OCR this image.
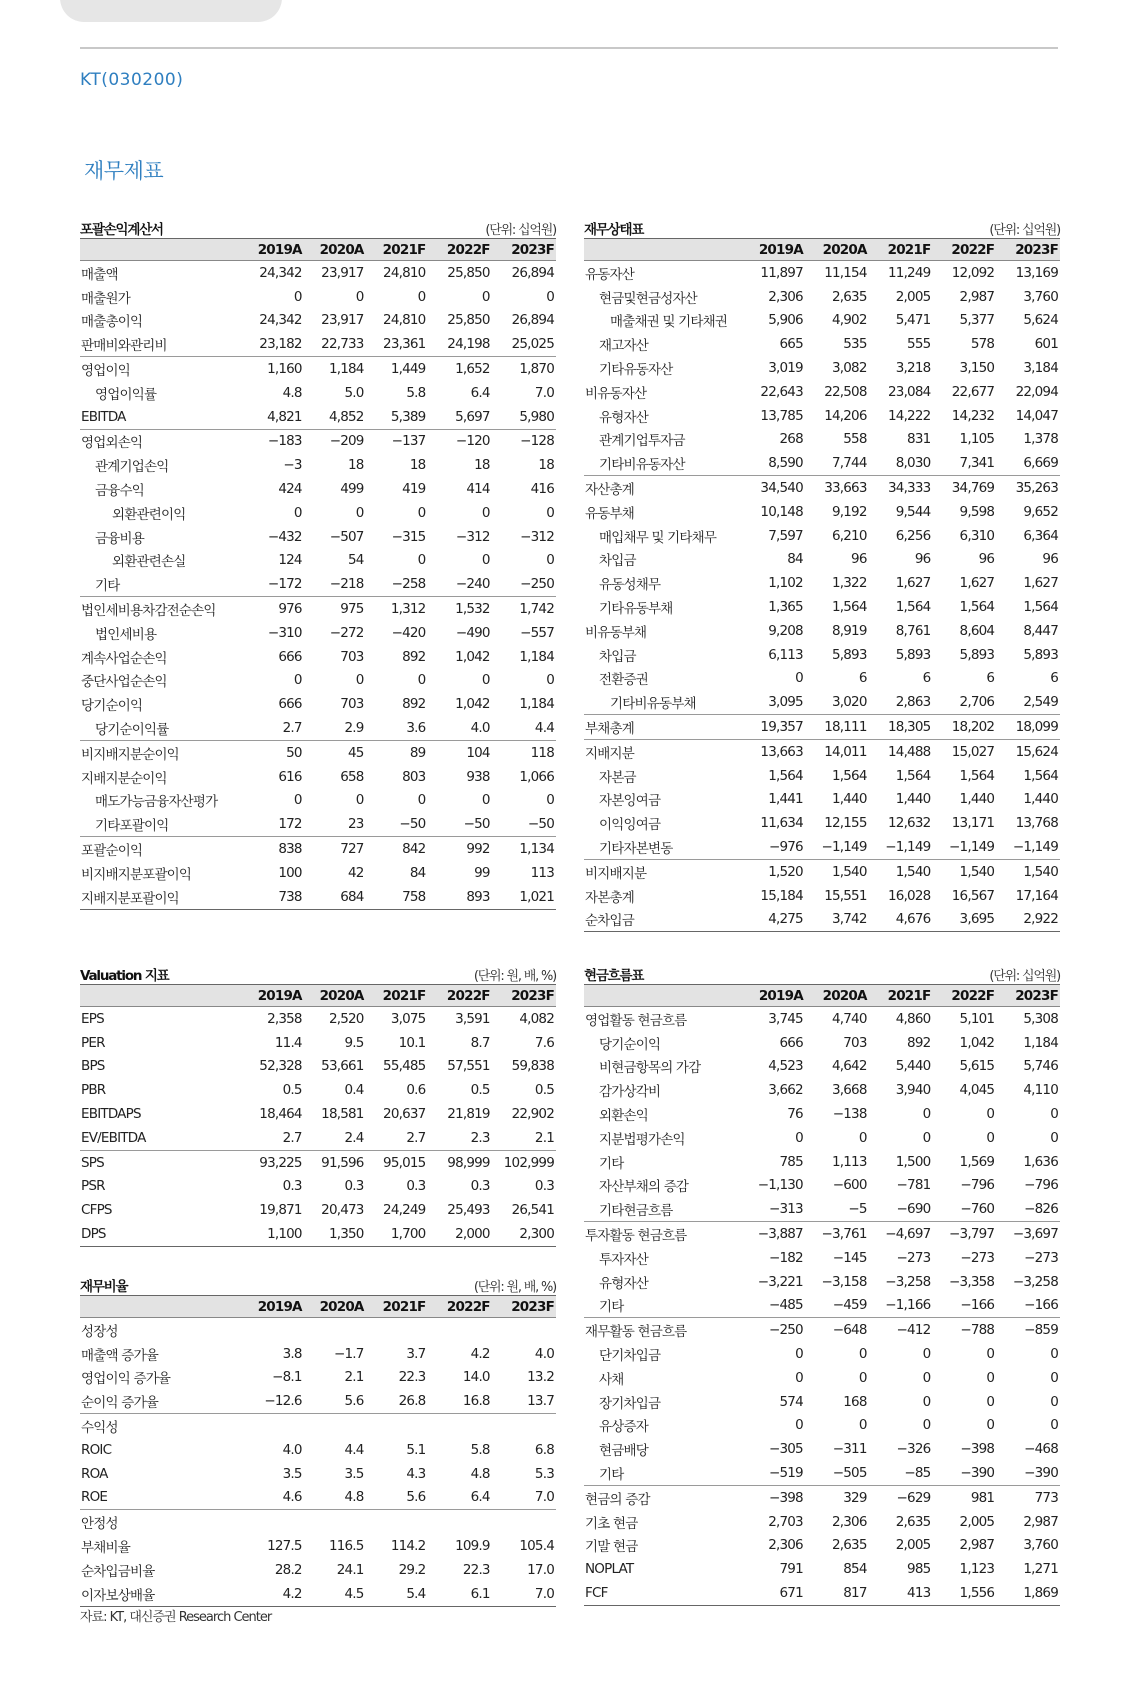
KT(030200)
재무제표
포괄손익계산서	(단위: 십억원)
	2019A	2020A	2021F	2022F	2023F
매출액	24,342	23,917	24,810	25,850	26,894
매출원가	0	0	0	0	0
매출총이익	24,342	23,917	24,810	25,850	26,894
판매비와관리비	23,182	22,733	23,361	24,198	25,025
영업이익	1,160	1,184	1,449	1,652	1,870
영업이익률	4.8	5.0	5.8	6.4	7.0
EBITDA	4,821	4,852	5,389	5,697	5,980
영업외손익	−183	−209	−137	−120	−128
관계기업손익	−3	18	18	18	18
금융수익	424	499	419	414	416
외환관련이익	0	0	0	0	0
금융비용	−432	−507	−315	−312	−312
외환관련손실	124	54	0	0	0
기타	−172	−218	−258	−240	−250
법인세비용차감전순손익	976	975	1,312	1,532	1,742
법인세비용	−310	−272	−420	−490	−557
계속사업순손익	666	703	892	1,042	1,184
중단사업순손익	0	0	0	0	0
당기순이익	666	703	892	1,042	1,184
당기순이익률	2.7	2.9	3.6	4.0	4.4
비지배지분순이익	50	45	89	104	118
지배지분순이익	616	658	803	938	1,066
매도가능금융자산평가	0	0	0	0	0
기타포괄이익	172	23	−50	−50	−50
포괄순이익	838	727	842	992	1,134
비지배지분포괄이익	100	42	84	99	113
지배지분포괄이익	738	684	758	893	1,021
재무상태표	(단위: 십억원)
	2019A	2020A	2021F	2022F	2023F
유동자산	11,897	11,154	11,249	12,092	13,169
현금및현금성자산	2,306	2,635	2,005	2,987	3,760
매출채권 및 기타채권	5,906	4,902	5,471	5,377	5,624
재고자산	665	535	555	578	601
기타유동자산	3,019	3,082	3,218	3,150	3,184
비유동자산	22,643	22,508	23,084	22,677	22,094
유형자산	13,785	14,206	14,222	14,232	14,047
관계기업투자금	268	558	831	1,105	1,378
기타비유동자산	8,590	7,744	8,030	7,341	6,669
자산총계	34,540	33,663	34,333	34,769	35,263
유동부채	10,148	9,192	9,544	9,598	9,652
매입채무 및 기타채무	7,597	6,210	6,256	6,310	6,364
차입금	84	96	96	96	96
유동성채무	1,102	1,322	1,627	1,627	1,627
기타유동부채	1,365	1,564	1,564	1,564	1,564
비유동부채	9,208	8,919	8,761	8,604	8,447
차입금	6,113	5,893	5,893	5,893	5,893
전환증권	0	6	6	6	6
기타비유동부채	3,095	3,020	2,863	2,706	2,549
부채총계	19,357	18,111	18,305	18,202	18,099
지배지분	13,663	14,011	14,488	15,027	15,624
자본금	1,564	1,564	1,564	1,564	1,564
자본잉여금	1,441	1,440	1,440	1,440	1,440
이익잉여금	11,634	12,155	12,632	13,171	13,768
기타자본변동	−976	−1,149	−1,149	−1,149	−1,149
비지배지분	1,520	1,540	1,540	1,540	1,540
자본총계	15,184	15,551	16,028	16,567	17,164
순차입금	4,275	3,742	4,676	3,695	2,922
Valuation 지표	(단위: 원, 배, %)
	2019A	2020A	2021F	2022F	2023F
EPS	2,358	2,520	3,075	3,591	4,082
PER	11.4	9.5	10.1	8.7	7.6
BPS	52,328	53,661	55,485	57,551	59,838
PBR	0.5	0.4	0.6	0.5	0.5
EBITDAPS	18,464	18,581	20,637	21,819	22,902
EV/EBITDA	2.7	2.4	2.7	2.3	2.1
SPS	93,225	91,596	95,015	98,999	102,999
PSR	0.3	0.3	0.3	0.3	0.3
CFPS	19,871	20,473	24,249	25,493	26,541
DPS	1,100	1,350	1,700	2,000	2,300
재무비율	(단위: 원, 배, %)
	2019A	2020A	2021F	2022F	2023F
성장성					
매출액 증가율	3.8	−1.7	3.7	4.2	4.0
영업이익 증가율	−8.1	2.1	22.3	14.0	13.2
순이익 증가율	−12.6	5.6	26.8	16.8	13.7
수익성					
ROIC	4.0	4.4	5.1	5.8	6.8
ROA	3.5	3.5	4.3	4.8	5.3
ROE	4.6	4.8	5.6	6.4	7.0
안정성					
부채비율	127.5	116.5	114.2	109.9	105.4
순차입금비율	28.2	24.1	29.2	22.3	17.0
이자보상배율	4.2	4.5	5.4	6.1	7.0
현금흐름표	(단위: 십억원)
	2019A	2020A	2021F	2022F	2023F
영업활동 현금흐름	3,745	4,740	4,860	5,101	5,308
당기순이익	666	703	892	1,042	1,184
비현금항목의 가감	4,523	4,642	5,440	5,615	5,746
감가상각비	3,662	3,668	3,940	4,045	4,110
외환손익	76	−138	0	0	0
지분법평가손익	0	0	0	0	0
기타	785	1,113	1,500	1,569	1,636
자산부채의 증감	−1,130	−600	−781	−796	−796
기타현금흐름	−313	−5	−690	−760	−826
투자활동 현금흐름	−3,887	−3,761	−4,697	−3,797	−3,697
투자자산	−182	−145	−273	−273	−273
유형자산	−3,221	−3,158	−3,258	−3,358	−3,258
기타	−485	−459	−1,166	−166	−166
재무활동 현금흐름	−250	−648	−412	−788	−859
단기차입금	0	0	0	0	0
사채	0	0	0	0	0
장기차입금	574	168	0	0	0
유상증자	0	0	0	0	0
현금배당	−305	−311	−326	−398	−468
기타	−519	−505	−85	−390	−390
현금의 증감	−398	329	−629	981	773
기초 현금	2,703	2,306	2,635	2,005	2,987
기말 현금	2,306	2,635	2,005	2,987	3,760
NOPLAT	791	854	985	1,123	1,271
FCF	671	817	413	1,556	1,869
자료: KT, 대신증권 Research Center
